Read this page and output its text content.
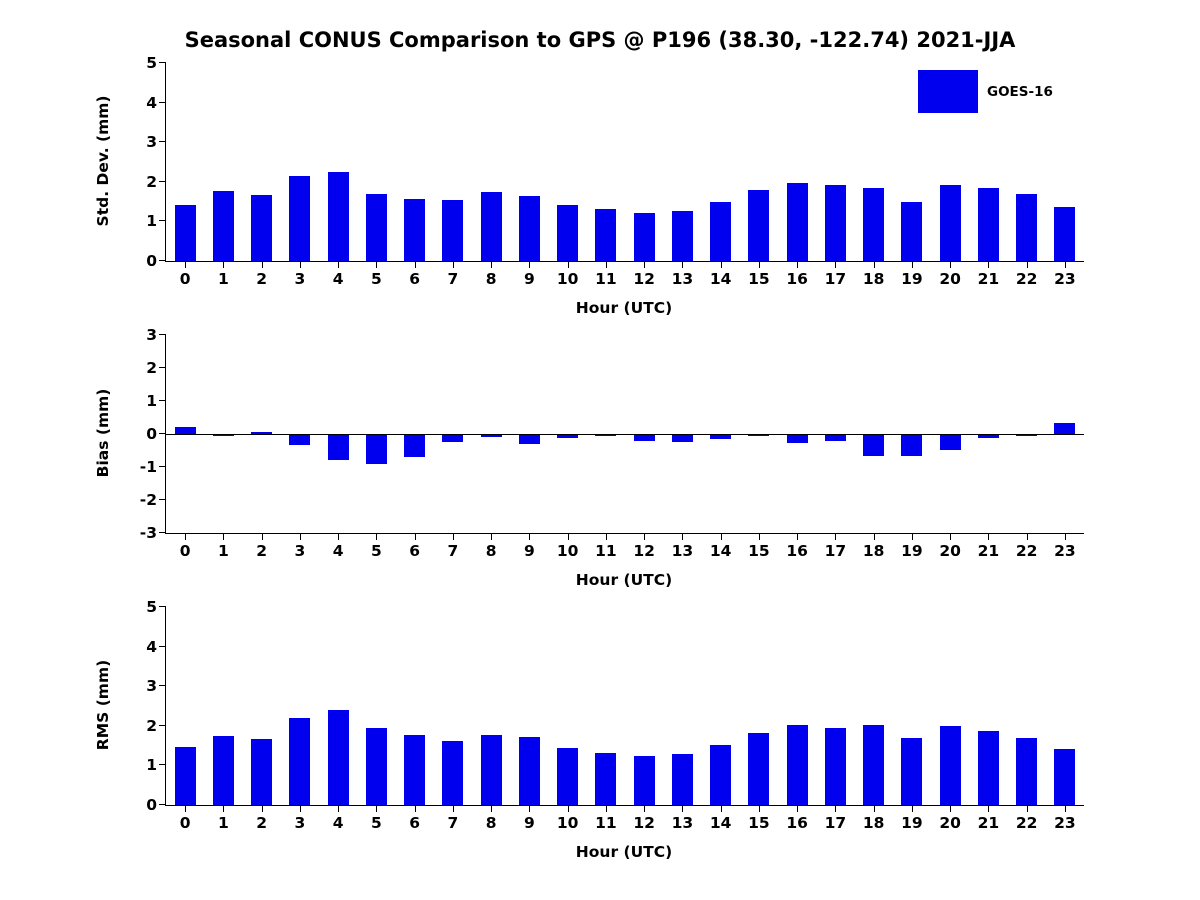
Seasonal CONUS Comparison to GPS @ P196 (38.30, -122.74) 2021-JJA
0
1
2
3
4
5
0 1 2 3 4 5 6 7 8 9 10 11 12 13 14 15 16 17 18 19 20 21 22 23
Std. Dev. (mm)
Hour (UTC)
GOES-16
-3
-2
-1
0
1
2
3
0 1 2 3 4 5 6 7 8 9 10 11 12 13 14 15 16 17 18 19 20 21 22 23
Bias (mm)
Hour (UTC)
0
1
2
3
4
5
0 1 2 3 4 5 6 7 8 9 10 11 12 13 14 15 16 17 18 19 20 21 22 23
RMS (mm)
Hour (UTC)
